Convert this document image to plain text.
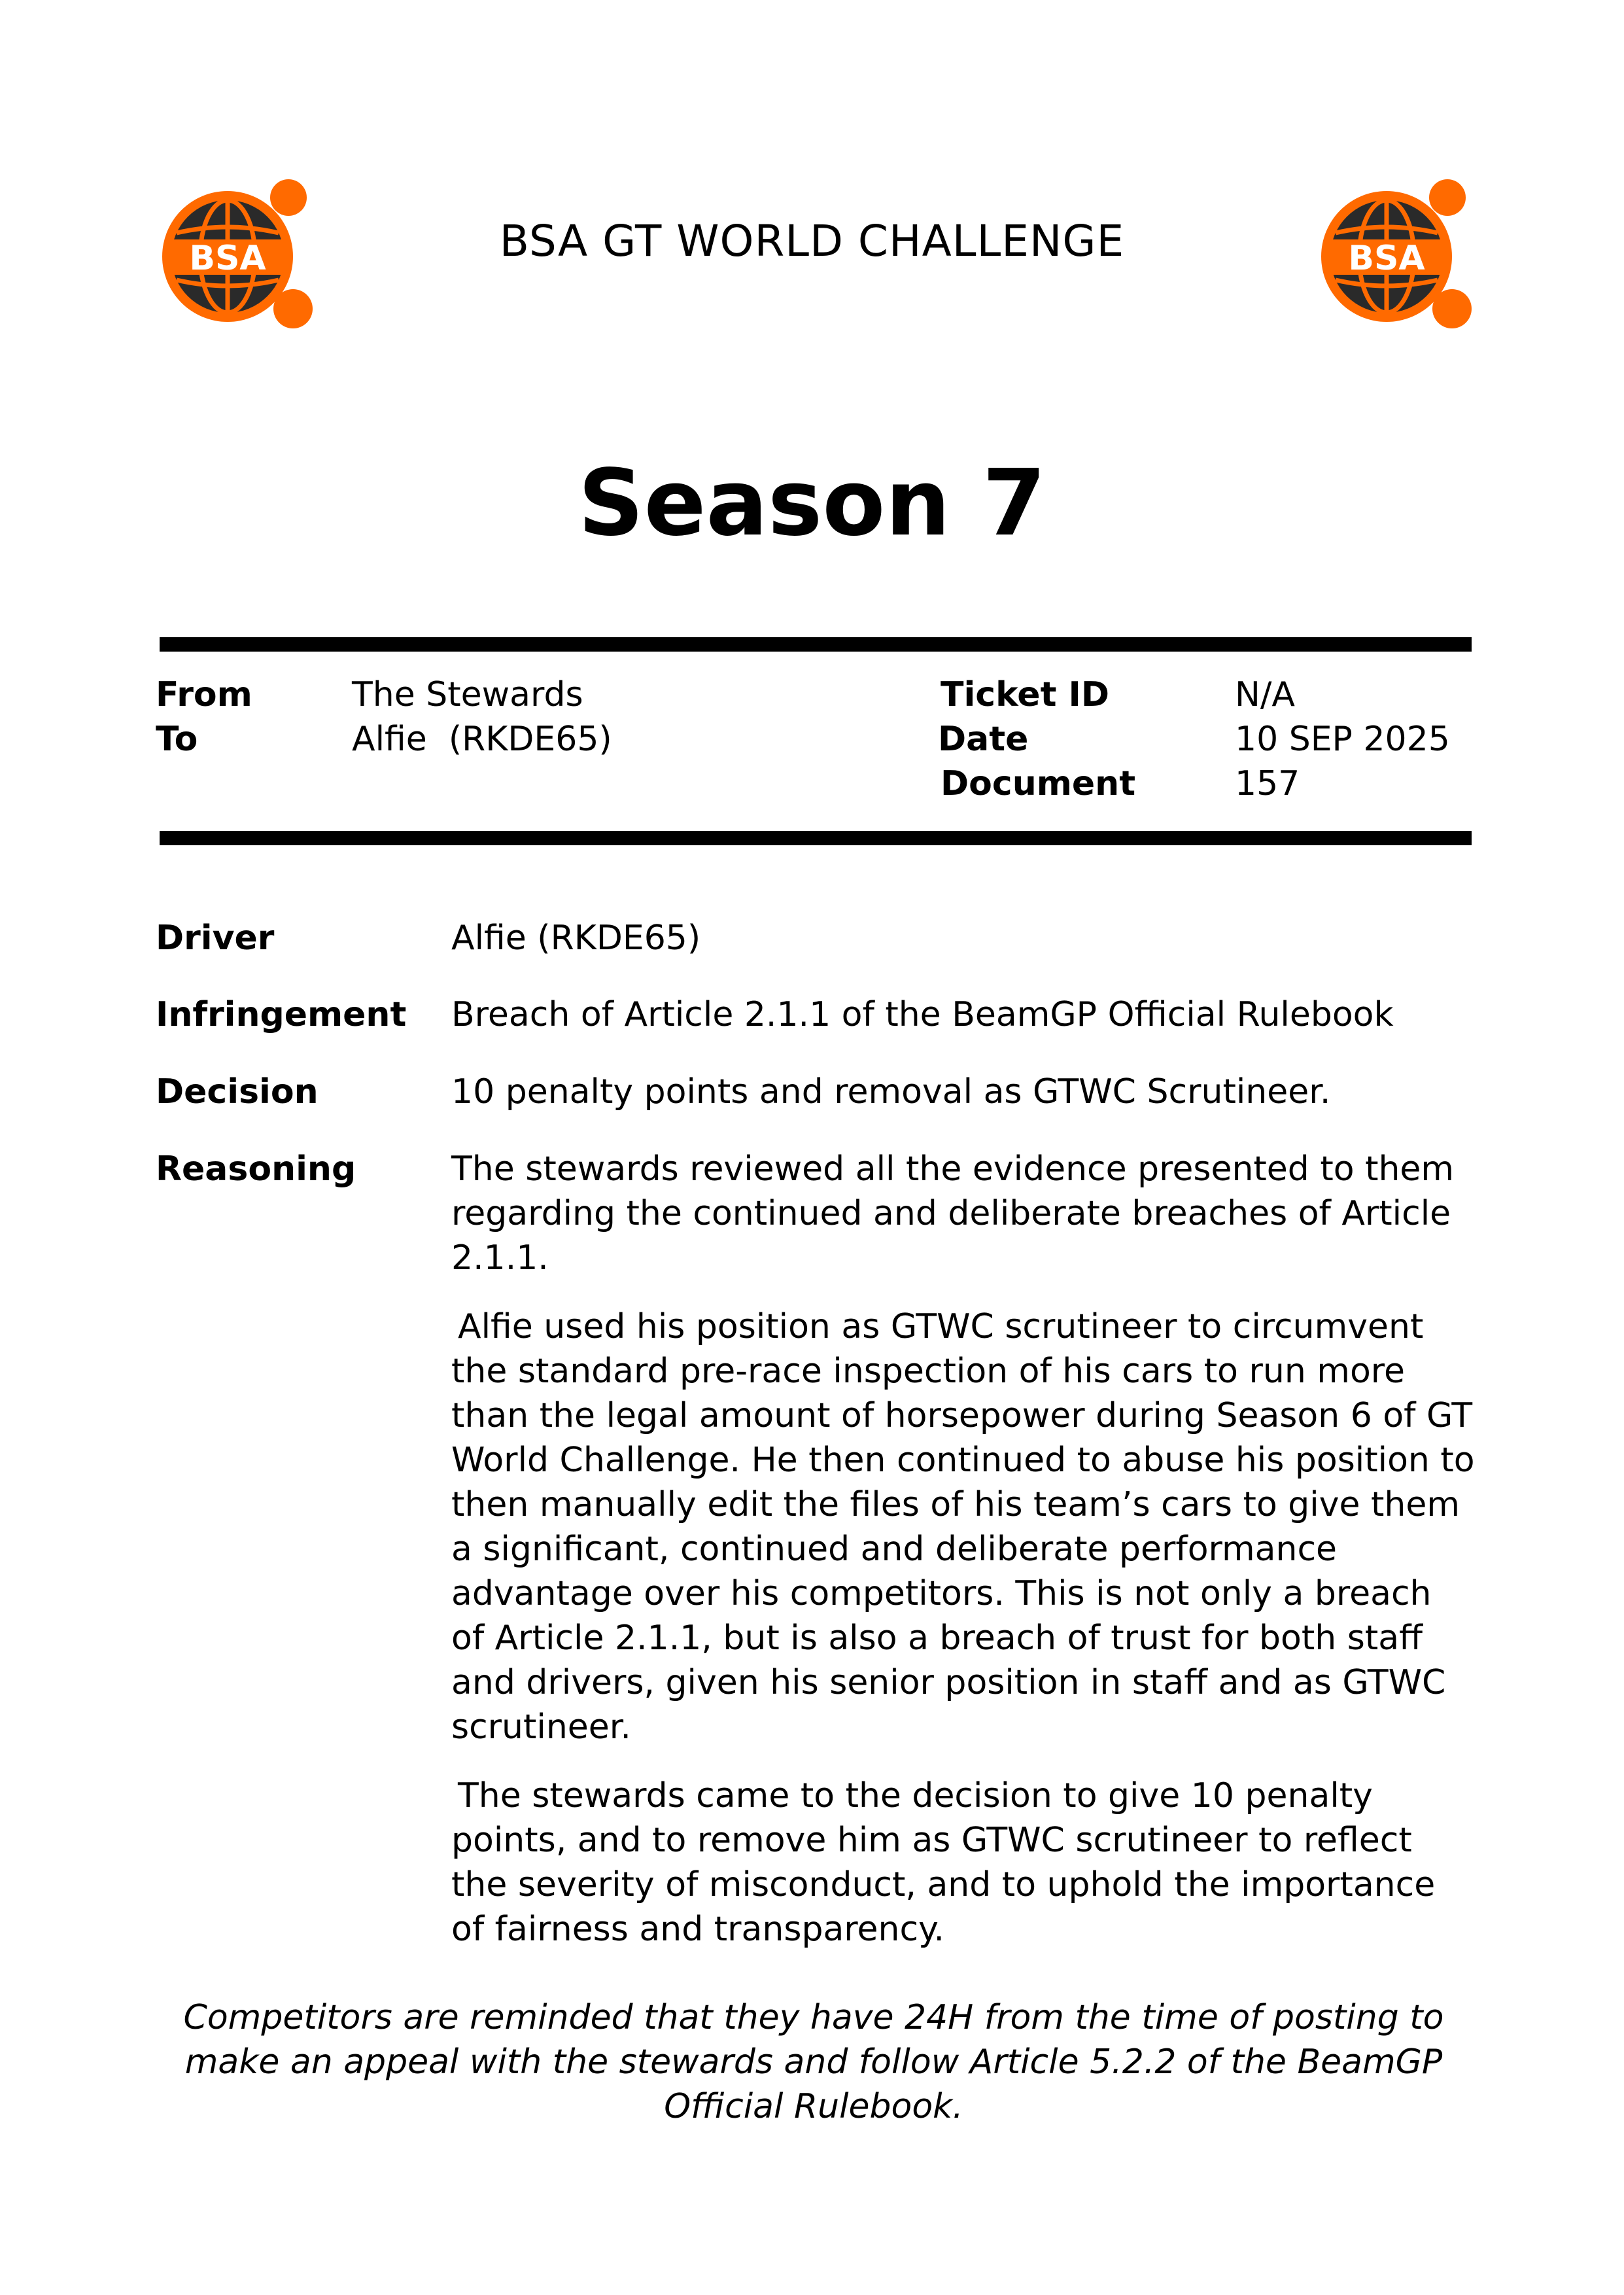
BSA	BSA
BSA GT WORLD CHALLENGE
Season 7
From	The Stewards
To	Alfie  (RKDE65)
Ticket ID	N/A
Date	10 SEP 2025
Document	157
Driver	Alfie (RKDE65)
Infringement Breach of Article 2.1.1 of the BeamGP Official Rulebook
Decision	10 penalty points and removal as GTWC Scrutineer.
Reasoning	The stewards reviewed all the evidence presented to them regarding the continued and deliberate breaches of Article 2.1.1.

Alfie used his position as GTWC scrutineer to circumvent the standard pre-race inspection of his cars to run more than the legal amount of horsepower during Season 6 of GT World Challenge. He then continued to abuse his position to then manually edit the files of his team’s cars to give them a significant, continued and deliberate performance advantage over his competitors. This is not only a breach of Article 2.1.1, but is also a breach of trust for both staff and drivers, given his senior position in staff and as GTWC scrutineer.

The stewards came to the decision to give 10 penalty points, and to remove him as GTWC scrutineer to reflect the severity of misconduct, and to uphold the importance of fairness and transparency.

Competitors are reminded that they have 24H from the time of posting to make an appeal with the stewards and follow Article 5.2.2 of the BeamGP Official Rulebook.
